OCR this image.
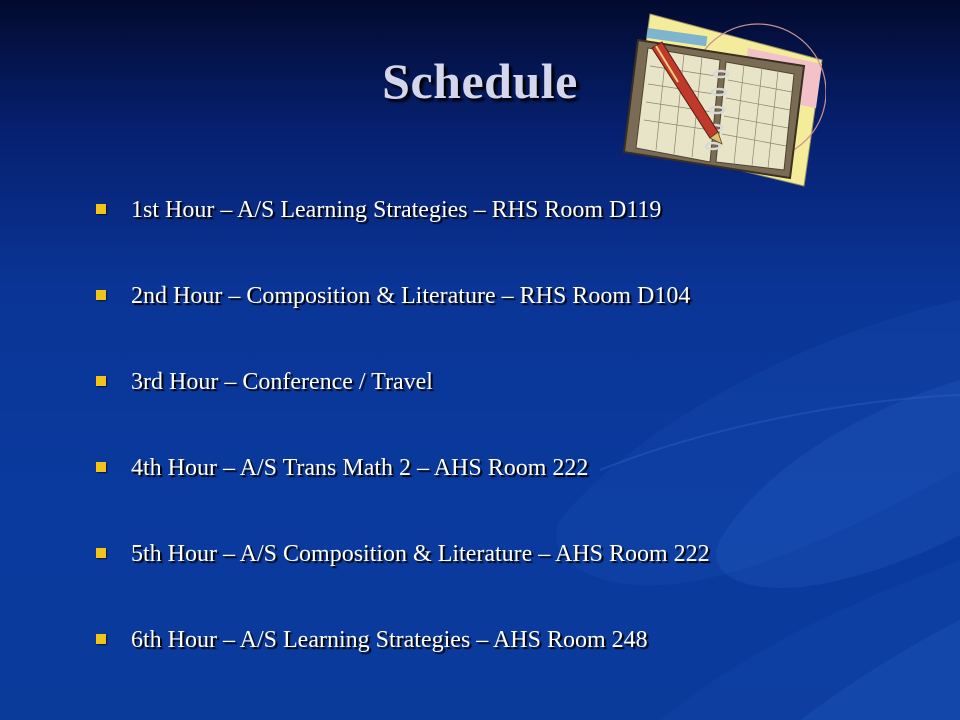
Schedule
1st Hour – A/S Learning Strategies – RHS Room D119
2nd Hour – Composition & Literature – RHS Room D104
3rd Hour – Conference / Travel
4th Hour – A/S Trans Math 2 – AHS Room 222
5th Hour – A/S Composition & Literature – AHS Room 222
6th Hour – A/S Learning Strategies – AHS Room 248
